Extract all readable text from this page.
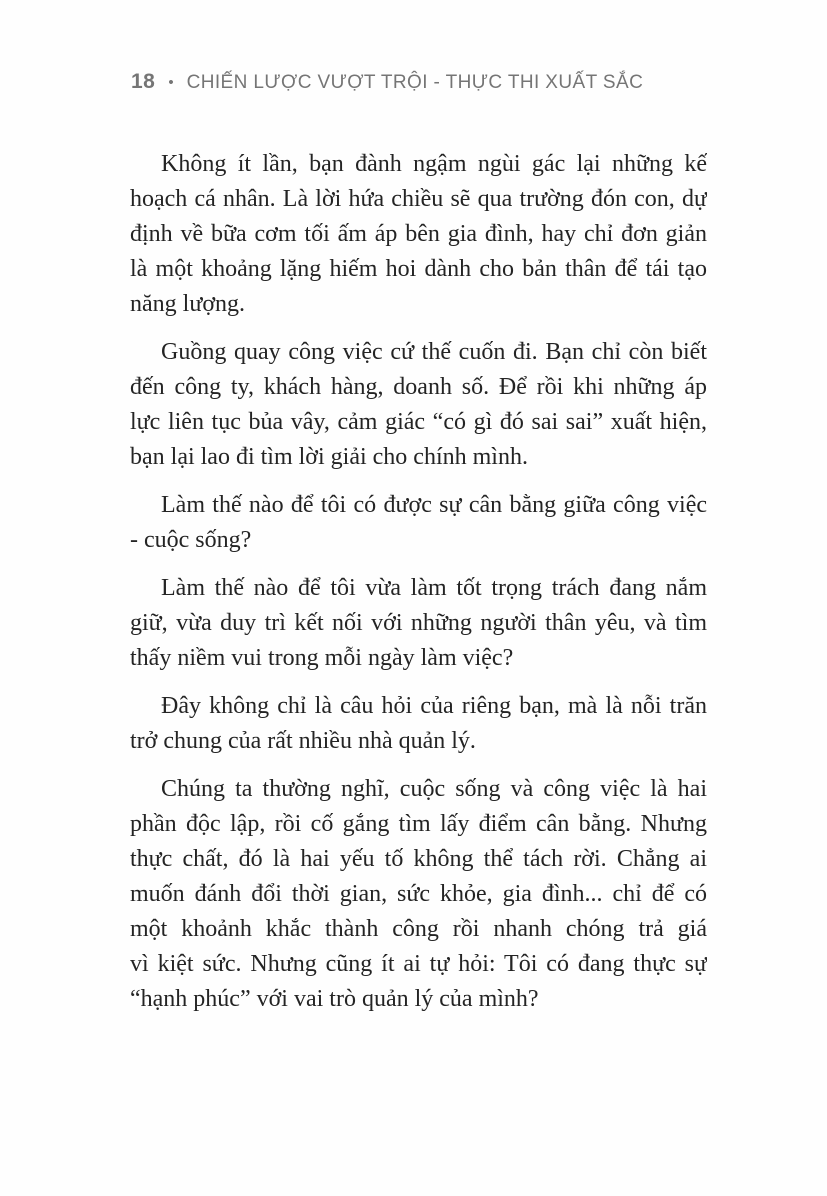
18 • CHIẾN LƯỢC VƯỢT TRỘI - THỰC THI XUẤT SẮC

Không ít lần, bạn đành ngậm ngùi gác lại những kế
hoạch cá nhân. Là lời hứa chiều sẽ qua trường đón con, dự
định về bữa cơm tối ấm áp bên gia đình, hay chỉ đơn giản
là một khoảng lặng hiếm hoi dành cho bản thân để tái tạo
năng lượng.

Guồng quay công việc cứ thế cuốn đi. Bạn chỉ còn biết
đến công ty, khách hàng, doanh số. Để rồi khi những áp
lực liên tục bủa vây, cảm giác “có gì đó sai sai” xuất hiện,
bạn lại lao đi tìm lời giải cho chính mình.

Làm thế nào để tôi có được sự cân bằng giữa công việc
- cuộc sống?

Làm thế nào để tôi vừa làm tốt trọng trách đang nắm
giữ, vừa duy trì kết nối với những người thân yêu, và tìm
thấy niềm vui trong mỗi ngày làm việc?

Đây không chỉ là câu hỏi của riêng bạn, mà là nỗi trăn
trở chung của rất nhiều nhà quản lý.

Chúng ta thường nghĩ, cuộc sống và công việc là hai
phần độc lập, rồi cố gắng tìm lấy điểm cân bằng. Nhưng
thực chất, đó là hai yếu tố không thể tách rời. Chẳng ai
muốn đánh đổi thời gian, sức khỏe, gia đình... chỉ để có
một khoảnh khắc thành công rồi nhanh chóng trả giá
vì kiệt sức. Nhưng cũng ít ai tự hỏi: Tôi có đang thực sự
“hạnh phúc” với vai trò quản lý của mình?
